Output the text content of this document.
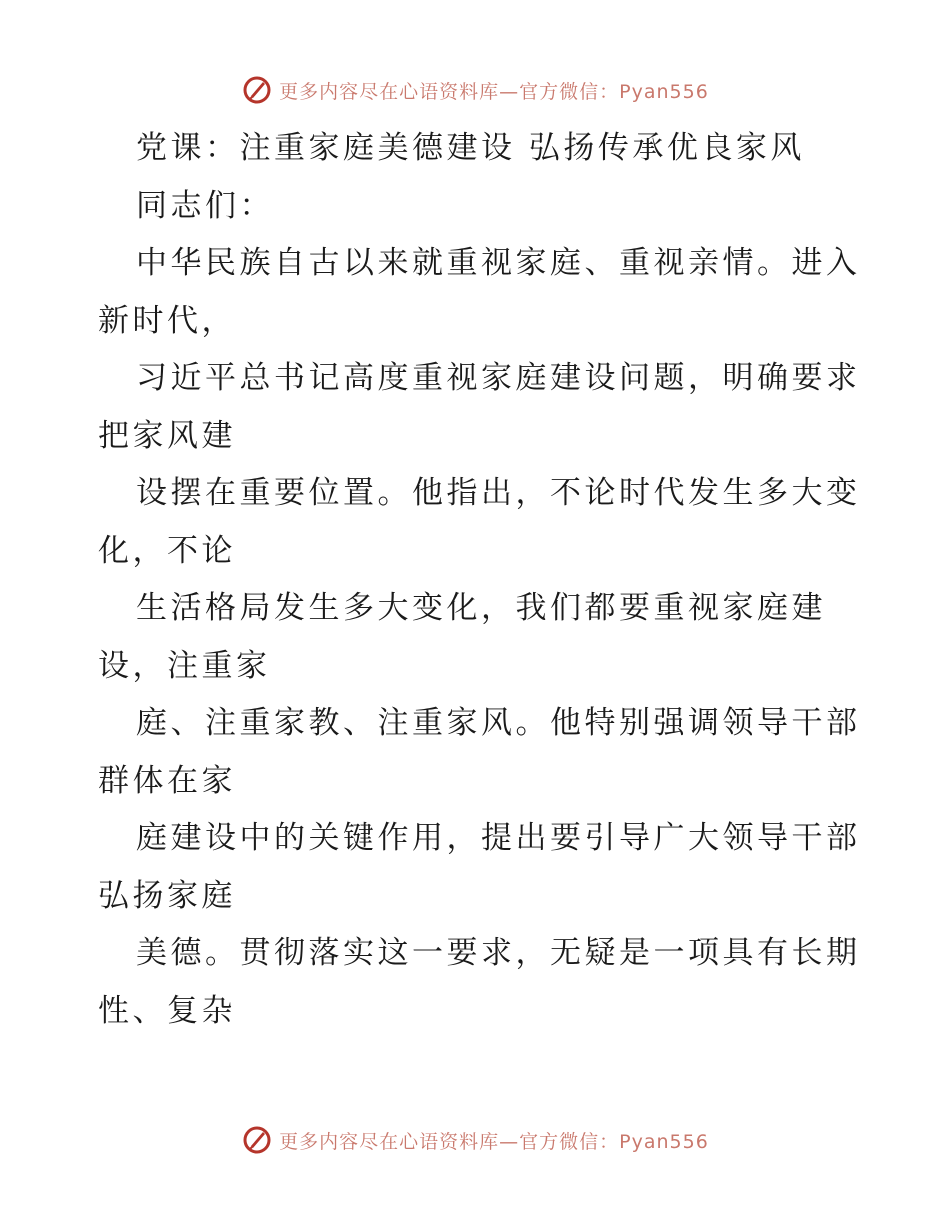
更多内容尽在心语资料库—官方微信：Pyan556
党课：注重家庭美德建设 弘扬传承优良家风
同志们：
中华民族自古以来就重视家庭、重视亲情。进入
新时代，
习近平总书记高度重视家庭建设问题，明确要求
把家风建
设摆在重要位置。他指出，不论时代发生多大变
化，不论
生活格局发生多大变化，我们都要重视家庭建
设，注重家
庭、注重家教、注重家风。他特别强调领导干部
群体在家
庭建设中的关键作用，提出要引导广大领导干部
弘扬家庭
美德。贯彻落实这一要求，无疑是一项具有长期
性、复杂
更多内容尽在心语资料库—官方微信：Pyan556
